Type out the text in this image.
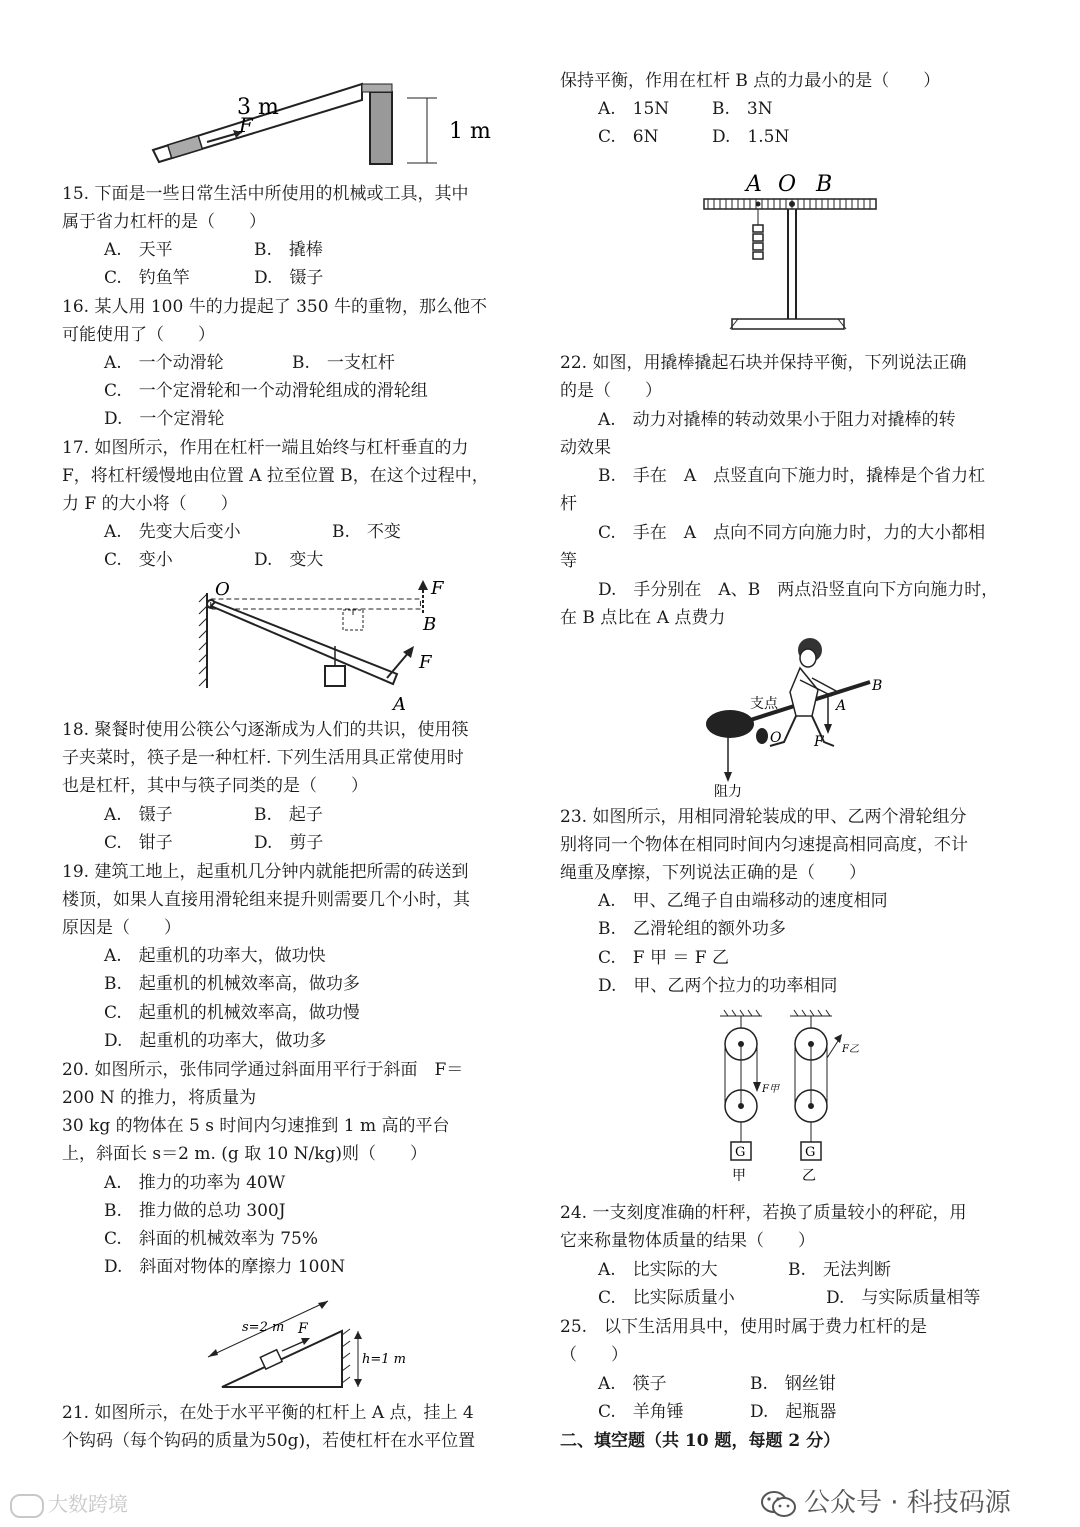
3 m
1 m
F
15. 下面是一些日常生活中所使用的机械或工具，其中
属于省力杠杆的是（　　）
A.　天平	B.　撬棒
C.　钓鱼竿	D.　镊子
16. 某人用 100 牛的力提起了 350 牛的重物，那么他不
可能使用了（　　）
A.　一个动滑轮	B.　一支杠杆
C.　一个定滑轮和一个动滑轮组成的滑轮组
D.　一个定滑轮
17. 如图所示，作用在杠杆一端且始终与杠杆垂直的力
F，将杠杆缓慢地由位置 A 拉至位置 B，在这个过程中，
力 F 的大小将（　　）
A.　先变大后变小	B.　不变
C.　变小	D.　变大
O
B
A
F
F
18. 聚餐时使用公筷公勺逐渐成为人们的共识，使用筷
子夹菜时，筷子是一种杠杆. 下列生活用具正常使用时
也是杠杆，其中与筷子同类的是（　　）
A.　镊子	B.　起子
C.　钳子	D.　剪子
19. 建筑工地上，起重机几分钟内就能把所需的砖送到
楼顶，如果人直接用滑轮组来提升则需要几个小时，其
原因是（　　）
A.　起重机的功率大，做功快
B.　起重机的机械效率高，做功多
C.　起重机的机械效率高，做功慢
D.　起重机的功率大，做功多
20. 如图所示，张伟同学通过斜面用平行于斜面　F＝
200 N 的推力，将质量为
30 kg 的物体在 5 s 时间内匀速推到 1 m 高的平台
上，斜面长 s＝2 m. (g 取 10 N/kg)则（　　）
A.　推力的功率为 40W
B.　推力做的总功 300J
C.　斜面的机械效率为 75%
D.　斜面对物体的摩擦力 100N
s=2 m F
h=1 m
21. 如图所示，在处于水平平衡的杠杆上 A 点，挂上 4
个钩码（每个钩码的质量为50g)，若使杠杆在水平位置
保持平衡，作用在杠杆 B 点的力最小的是（　　）
A.　15N	B.　3N
C.　6N	D.　1.5N
A O B
22. 如图，用撬棒撬起石块并保持平衡，下列说法正确
的是（　　）
A.　动力对撬棒的转动效果小于阻力对撬棒的转
动效果
B.　手在　A　点竖直向下施力时，撬棒是个省力杠
杆
C.　手在　A　点向不同方向施力时，力的大小都相
等
D.　手分别在　A、B　两点沿竖直向下方向施力时，
在 B 点比在 A 点费力
支点
阻力
O
A
B
F
23. 如图所示，用相同滑轮装成的甲、乙两个滑轮组分
别将同一个物体在相同时间内匀速提高相同高度，不计
绳重及摩擦，下列说法正确的是（　　）
A.　甲、乙绳子自由端移动的速度相同
B.　乙滑轮组的额外功多
C.　F 甲 ＝ F 乙
D.　甲、乙两个拉力的功率相同
F甲
F乙
G	G
甲	乙
24. 一支刻度准确的杆秤，若换了质量较小的秤砣，用
它来称量物体质量的结果（　　）
A.　比实际的大	B.　无法判断
C.　比实际质量小	D.　与实际质量相等
25.　以下生活用具中，使用时属于费力杠杆的是
（　　）
A.　筷子	B.　钢丝钳
C.　羊角锤	D.　起瓶器
二、填空题（共 10 题，每题 2 分）
大数跨境	公众号 · 科技码源
